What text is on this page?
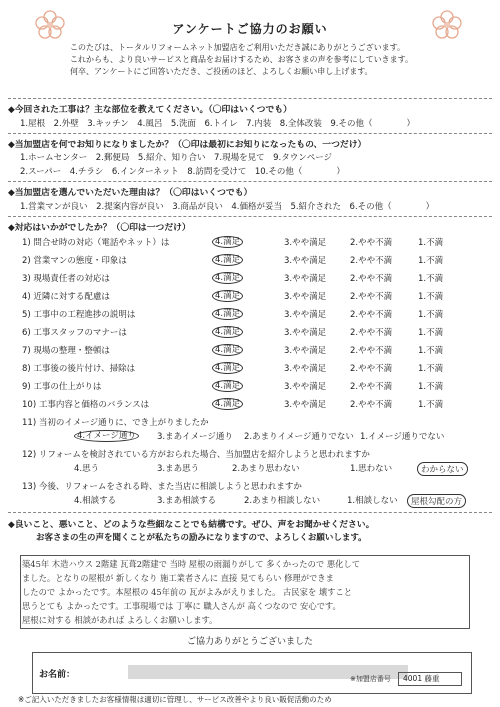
アンケートご協力のお願い
このたびは、トータルリフォームネット加盟店をご利用いただき誠にありがとうございます。
これからも、より良いサービスと商品をお届けするため、お客さまの声を参考にしていきます。
何卒、アンケートにご回答いただき、ご投函のほど、よろしくお願い申し上げます。
◆今回された工事は？主な部位を教えてください。（〇印はいくつでも）
1.屋根　2.外壁　3.キッチン　4.風呂　5.洗面　6.トイレ　7.内装　8.全体改装　9.その他（　　　　）
◆当加盟店を何でお知りになりましたか？（〇印は最初にお知りになったもの、一つだけ）
1.ホームセンター　2.郵便局　5.紹介、知り合い　7.現場を見て　9.タウンページ
2.スーパー　4.チラシ　6.インターネット　8.訪問を受けて　10.その他（　　　　）
◆当加盟店を選んでいただいた理由は？（〇印はいくつでも）
1.営業マンが良い　2.提案内容が良い　3.商品が良い　4.価格が妥当　5.紹介された　6.その他（　　　　）
◆対応はいかがでしたか？（〇印は一つだけ）
1) 問合せ時の対応（電話やネット）は	4.満足	3.やや満足	2.やや不満	1.不満
2) 営業マンの態度・印象は	4.満足	3.やや満足	2.やや不満	1.不満
3) 現場責任者の対応は	4.満足	3.やや満足	2.やや不満	1.不満
4) 近隣に対する配慮は	4.満足	3.やや満足	2.やや不満	1.不満
5) 工事中の工程進捗の説明は	4.満足	3.やや満足	2.やや不満	1.不満
6) 工事スタッフのマナーは	4.満足	3.やや満足	2.やや不満	1.不満
7) 現場の整理・整頓は	4.満足	3.やや満足	2.やや不満	1.不満
8) 工事後の後片付け、掃除は	4.満足	3.やや満足	2.やや不満	1.不満
9) 工事の仕上がりは	4.満足	3.やや満足	2.やや不満	1.不満
10) 工事内容と価格のバランスは	4.満足	3.やや満足	2.やや不満	1.不満
11) 当初のイメージ通りに、でき上がりましたか
4.イメージ通り	3.まあイメージ通り 2.あまりイメージ通りでない 1.イメージ通りでない
12) リフォームを検討されている方がおられた場合、当加盟店を紹介しようと思われますか
4.思う	3.まあ思う	2.あまり思わない	1.思わない	わからない
13) 今後、リフォームをされる時、また当店に相談しようと思われますか
4.相談する	3.まあ相談する	2.あまり相談しない	1.相談しない	屋根勾配の方
◆良いこと、悪いこと、どのような些細なことでも結構です。ぜひ、声をお聞かせください。
お客さまの生の声を聞くことが私たちの励みになりますので、よろしくお願いします。
築45年 木造ハウス 2階建 瓦葺2階建で 当時 屋根の雨漏りがして 多くかったので 悪化して
ました。となりの屋根が 新しくなり 施工業者さんに 直接 見てもらい 修理ができま
したので よかったです。本屋根の 45年前の 瓦がよみがえりました。 古民家を 壊すこと
思うとても よかったです。工事現場では 丁寧に 職人さんが 高くつなので 安心です。
屋根に対する 相談があれば よろしくお願いします。
ご協力ありがとうございました
お名前：
※ご記入いただきましたお客様情報は適切に管理し、サービス改善やより良い販促活動のため
※加盟店番号	4001 藤重
